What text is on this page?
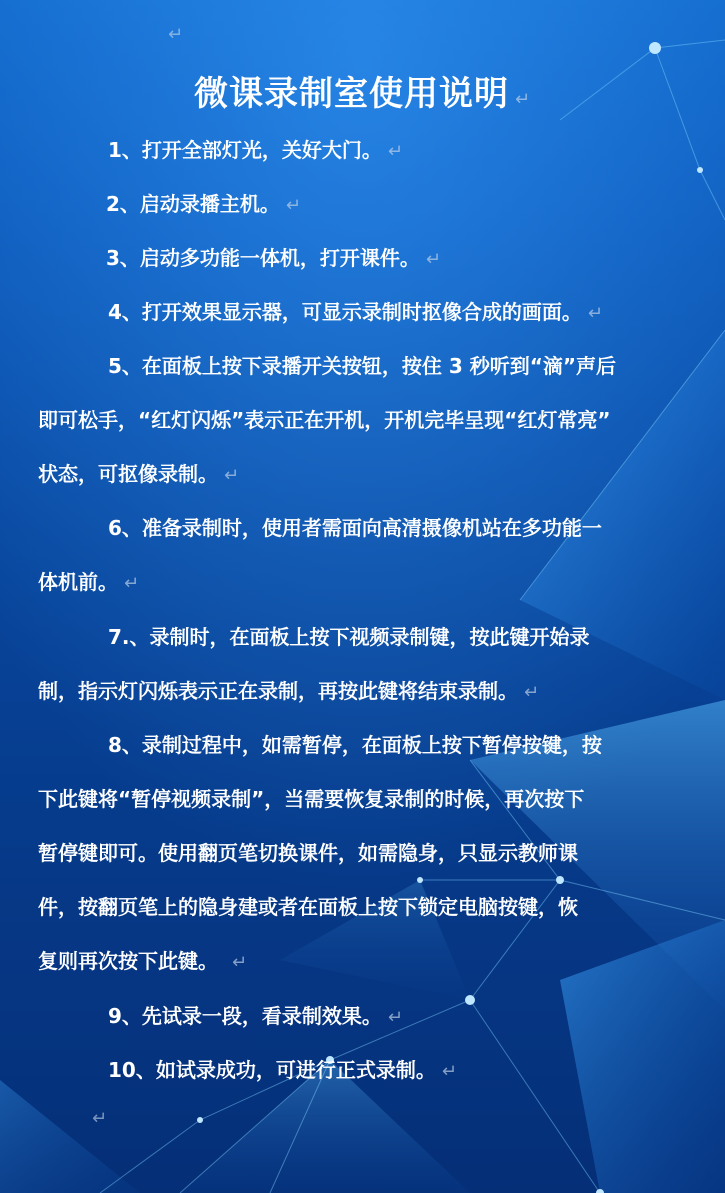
↵
微课录制室使用说明 ↵
1、打开全部灯光，关好大门。 ↵
2、启动录播主机。 ↵
3、启动多功能一体机，打开课件。 ↵
4、打开效果显示器，可显示录制时抠像合成的画面。 ↵
5、在面板上按下录播开关按钮，按住 3 秒听到“滴”声后
即可松手，“红灯闪烁”表示正在开机，开机完毕呈现“红灯常亮”
状态，可抠像录制。 ↵
6、准备录制时，使用者需面向高清摄像机站在多功能一
体机前。 ↵
7.、录制时，在面板上按下视频录制键，按此键开始录
制，指示灯闪烁表示正在录制，再按此键将结束录制。 ↵
8、录制过程中，如需暂停，在面板上按下暂停按键，按
下此键将“暂停视频录制”，当需要恢复录制的时候，再次按下
暂停键即可。使用翻页笔切换课件，如需隐身，只显示教师课
件，按翻页笔上的隐身建或者在面板上按下锁定电脑按键，恢
复则再次按下此键。 ↵
9、先试录一段，看录制效果。 ↵
10、如试录成功，可进行正式录制。 ↵
↵
